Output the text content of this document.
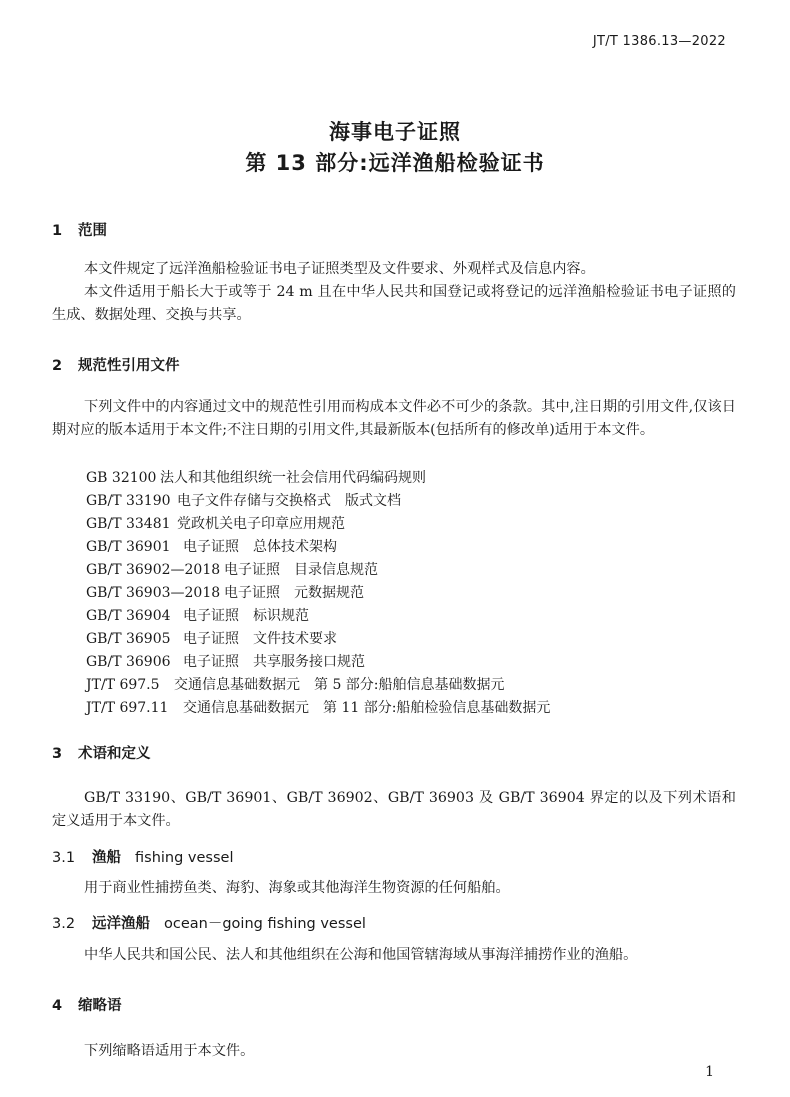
JT/T 1386.13—2022
海事电子证照
第 13 部分:远洋渔船检验证书
1 范围
本文件规定了远洋渔船检验证书电子证照类型及文件要求、外观样式及信息内容。
本文件适用于船长大于或等于 24 m 且在中华人民共和国登记或将登记的远洋渔船检验证书电子证照的生成、数据处理、交换与共享。
2 规范性引用文件
下列文件中的内容通过文中的规范性引用而构成本文件必不可少的条款。其中,注日期的引用文件,仅该日期对应的版本适用于本文件;不注日期的引用文件,其最新版本(包括所有的修改单)适用于本文件。
GB 32100 法人和其他组织统一社会信用代码编码规则
GB/T 33190 电子文件存储与交换格式　版式文档
GB/T 33481 党政机关电子印章应用规范
GB/T 36901 电子证照　总体技术架构
GB/T 36902—2018 电子证照　目录信息规范
GB/T 36903—2018 电子证照　元数据规范
GB/T 36904 电子证照　标识规范
GB/T 36905 电子证照　文件技术要求
GB/T 36906 电子证照　共享服务接口规范
JT/T 697.5 交通信息基础数据元　第 5 部分:船舶信息基础数据元
JT/T 697.11 交通信息基础数据元　第 11 部分:船舶检验信息基础数据元
3 术语和定义
GB/T 33190、GB/T 36901、GB/T 36902、GB/T 36903 及 GB/T 36904 界定的以及下列术语和定义适用于本文件。
3.1 渔船 fishing vessel
用于商业性捕捞鱼类、海豹、海象或其他海洋生物资源的任何船舶。
3.2 远洋渔船 ocean－going fishing vessel
中华人民共和国公民、法人和其他组织在公海和他国管辖海域从事海洋捕捞作业的渔船。
4 缩略语
下列缩略语适用于本文件。
1
